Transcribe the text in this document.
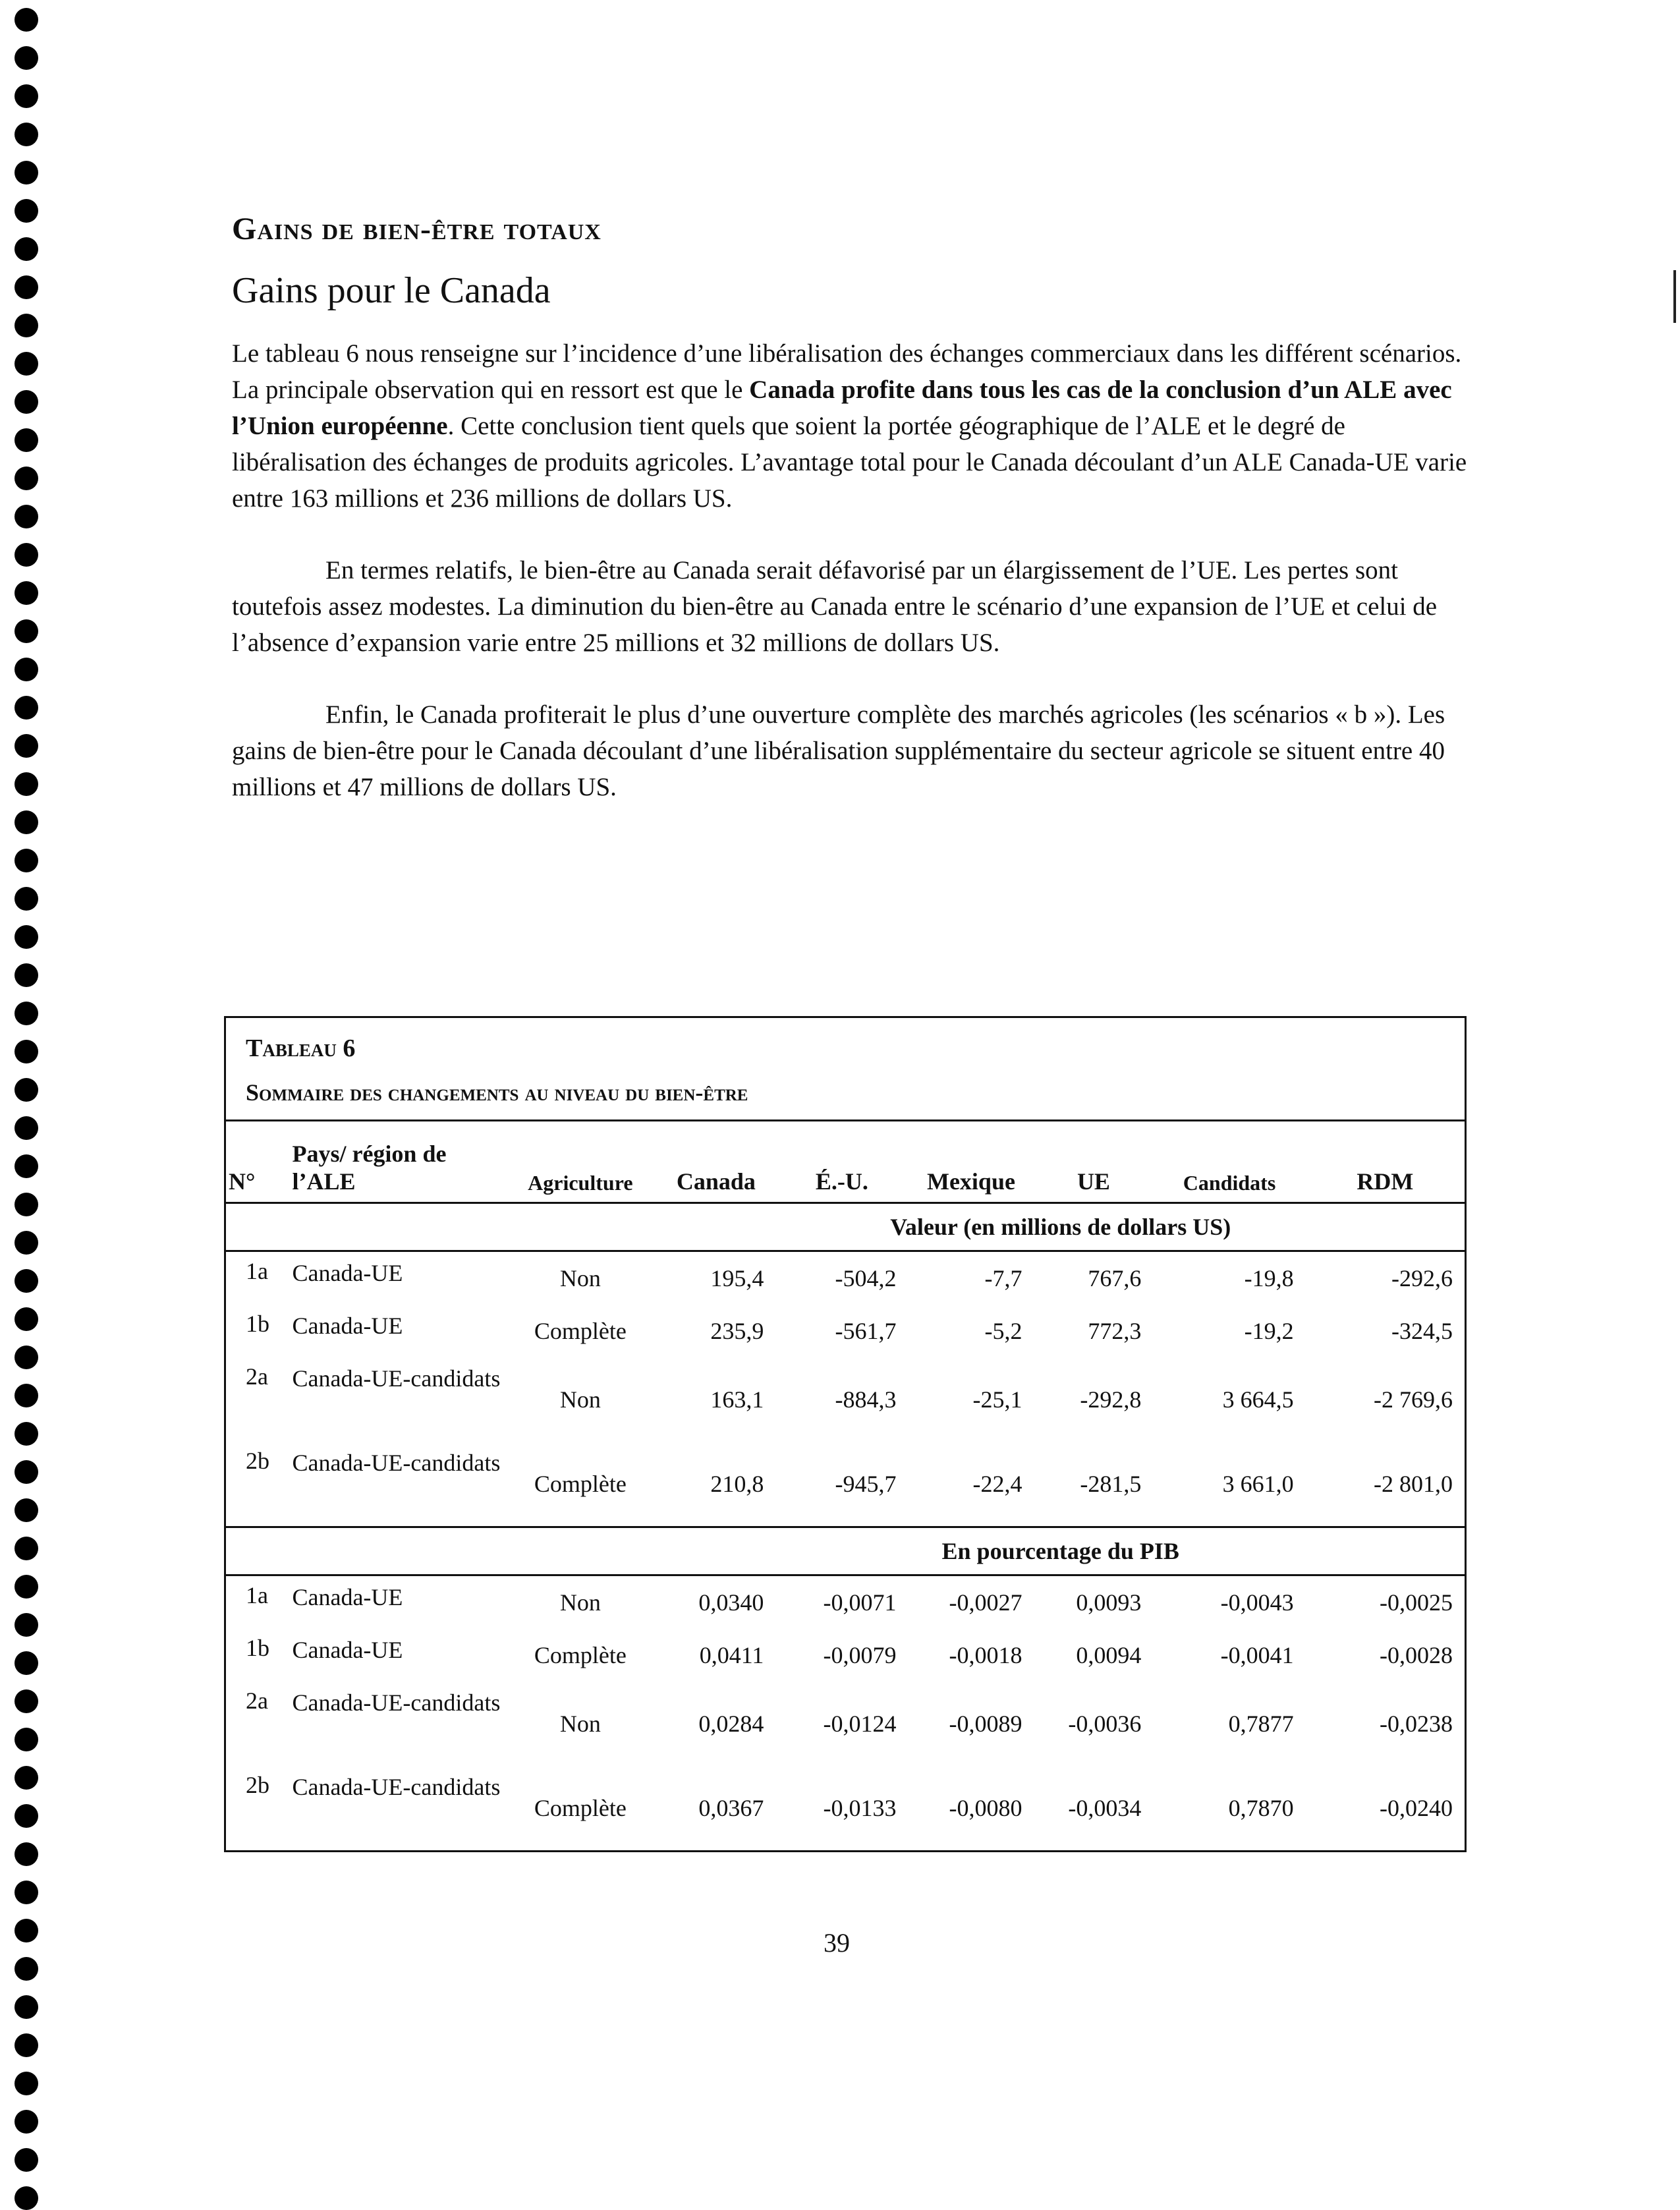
Gains de bien-être totaux
Gains pour le Canada

Le tableau 6 nous renseigne sur l’incidence d’une libéralisation des échanges commerciaux dans les différent scénarios. La principale observation qui en ressort est que le Canada profite dans tous les cas de la conclusion d’un ALE avec l’Union européenne. Cette conclusion tient quels que soient la portée géographique de l’ALE et le degré de libéralisation des échanges de produits agricoles. L’avantage total pour le Canada découlant d’un ALE Canada-UE varie entre 163 millions et 236 millions de dollars US.

En termes relatifs, le bien-être au Canada serait défavorisé par un élargissement de l’UE. Les pertes sont toutefois assez modestes. La diminution du bien-être au Canada entre le scénario d’une expansion de l’UE et celui de l’absence d’expansion varie entre 25 millions et 32 millions de dollars US.

Enfin, le Canada profiterait le plus d’une ouverture complète des marchés agricoles (les scénarios « b »). Les gains de bien-être pour le Canada découlant d’une libéralisation supplémentaire du secteur agricole se situent entre 40 millions et 47 millions de dollars US.

Tableau 6
Sommaire des changements au niveau du bien-être
N°	Pays/ région de l’ALE	Agriculture	Canada	É.-U.	Mexique	UE	Candidats	RDM
			Valeur (en millions de dollars US)					
1a	Canada-UE	Non	195,4	-504,2	-7,7	767,6	-19,8	-292,6
1b	Canada-UE	Complète	235,9	-561,7	-5,2	772,3	-19,2	-324,5
2a	Canada-UE-candidats	Non	163,1	-884,3	-25,1	-292,8	3 664,5	-2 769,6
2b	Canada-UE-candidats	Complète	210,8	-945,7	-22,4	-281,5	3 661,0	-2 801,0
			En pourcentage du PIB					
1a	Canada-UE	Non	0,0340	-0,0071	-0,0027	0,0093	-0,0043	-0,0025
1b	Canada-UE	Complète	0,0411	-0,0079	-0,0018	0,0094	-0,0041	-0,0028
2a	Canada-UE-candidats	Non	0,0284	-0,0124	-0,0089	-0,0036	0,7877	-0,0238
2b	Canada-UE-candidats	Complète	0,0367	-0,0133	-0,0080	-0,0034	0,7870	-0,0240
39
